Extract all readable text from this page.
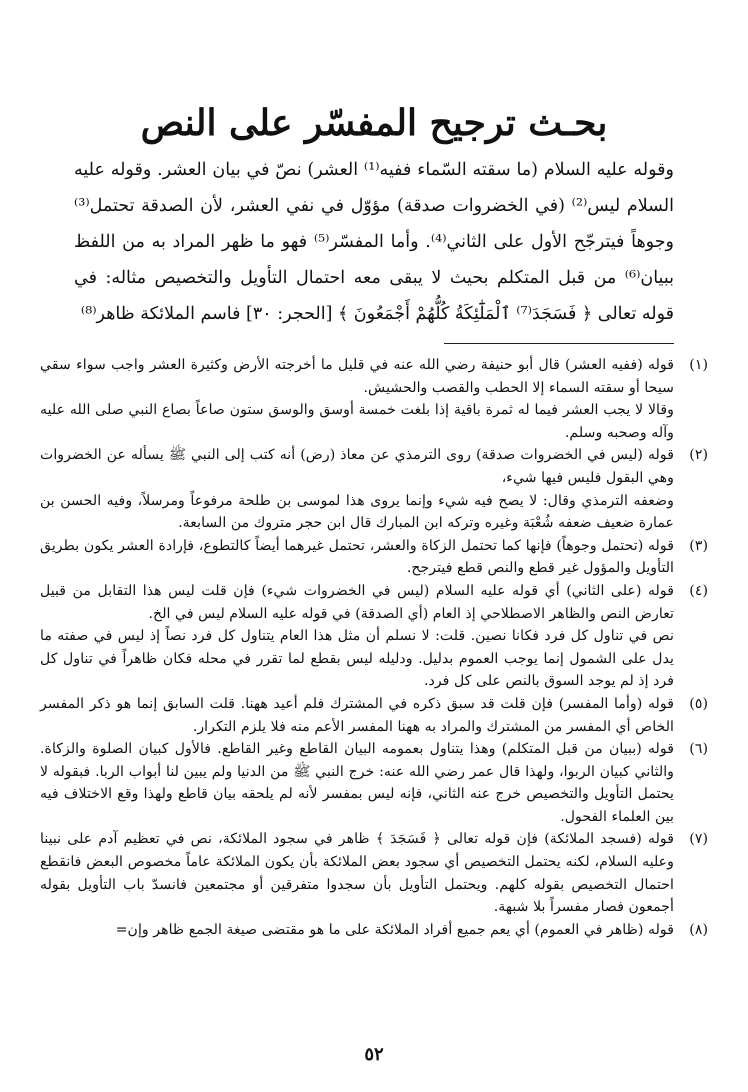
بحـث ترجيح المفسّر على النص

وقوله عليه السلام (ما سقته السّماء ففيه⁽¹⁾ العشر) نصّ في بيان العشر. وقوله عليه السلام ليس⁽²⁾ (في الخضروات صدقة) مؤوّل في نفي العشر، لأن الصدقة تحتمل⁽³⁾ وجوهاً فيترجّح الأول على الثاني⁽⁴⁾. وأما المفسّر⁽⁵⁾ فهو ما ظهر المراد به من اللفظ ببيان⁽⁶⁾ من قبل المتكلم بحيث لا يبقى معه احتمال التأويل والتخصيص مثاله: في قوله تعالى ﴿ فَسَجَدَ⁽⁷⁾ ٱلْمَلَٰٓئِكَةُ كُلُّهُمْ أَجْمَعُونَ ﴾ [الحجر: ٣٠] فاسم الملائكة ظاهر⁽⁸⁾

(١)

قوله (ففيه العشر) قال أبو حنيفة رضي الله عنه في قليل ما أخرجته الأرض وكثيرة العشر واجب سواء سقي سيحا أو سقته السماء إلا الحطب والقصب والحشيش.

وقالا لا يجب العشر فيما له ثمرة باقية إذا بلغت خمسة أوسق والوسق ستون صاعاً بصاع النبي صلى الله عليه وآله وصحبه وسلم.

(٢)

قوله (ليس في الخضروات صدقة) روى الترمذي عن معاذ (رض) أنه كتب إلى النبي ﷺ يسأله عن الخضروات وهي البقول فليس فيها شيء،

وضعفه الترمذي وقال: لا يصح فيه شيء وإنما يروى هذا لموسى بن طلحة مرفوعاً ومرسلاً، وفيه الحسن بن عمارة ضعيف ضعفه شُعْبَة وغيره وتركه ابن المبارك قال ابن حجر متروك من السابعة.

(٣)

قوله (تحتمل وجوهاً) فإنها كما تحتمل الزكاة والعشر، تحتمل غيرهما أيضاً كالتطوع، فإرادة العشر يكون بطريق التأويل والمؤول غير قطع والنص قطع فيترجح.

(٤)

قوله (على الثاني) أي قوله عليه السلام (ليس في الخضروات شيء) فإن قلت ليس هذا التقابل من قبيل تعارض النص والظاهر الاصطلاحي إذ العام (أي الصدقة) في قوله عليه السلام ليس في الخ.

نص في تناول كل فرد فكانا نصين. قلت: لا نسلم أن مثل هذا العام يتناول كل فرد نصاً إذ ليس في صفته ما يدل على الشمول إنما يوجب العموم بدليل. ودليله ليس بقطع لما تقرر في محله فكان ظاهراً في تناول كل فرد إذ لم يوجد السوق بالنص على كل فرد.

(٥)

قوله (وأما المفسر) فإن قلت قد سبق ذكره في المشترك فلم أعيد ههنا. قلت السابق إنما هو ذكر المفسر الخاص أي المفسر من المشترك والمراد به ههنا المفسر الأعم منه فلا يلزم التكرار.

(٦)

قوله (ببيان من قبل المتكلم) وهذا يتناول بعمومه البيان القاطع وغير القاطع. فالأول كبيان الصلوة والزكاة. والثاني كبيان الربوا، ولهذا قال عمر رضي الله عنه: خرج النبي ﷺ من الدنيا ولم يبين لنا أبواب الربا. فبقوله لا يحتمل التأويل والتخصيص خرج عنه الثاني، فإنه ليس بمفسر لأنه لم يلحقه بيان قاطع ولهذا وقع الاختلاف فيه بين العلماء الفحول.

(٧)

قوله (فسجد الملائكة) فإن قوله تعالى ﴿ فَسَجَدَ ﴾ ظاهر في سجود الملائكة، نص في تعظيم آدم على نبينا وعليه السلام، لكنه يحتمل التخصيص أي سجود بعض الملائكة بأن يكون الملائكة عاماً مخصوص البعض فانقطع احتمال التخصيص بقوله كلهم. ويحتمل التأويل بأن سجدوا متفرقين أو مجتمعين فانسدّ باب التأويل بقوله أجمعون فصار مفسراً بلا شبهة.

(٨)

قوله (ظاهر في العموم) أي يعم جميع أفراد الملائكة على ما هو مقتضى صيغة الجمع ظاهر وإن=

٥٢
